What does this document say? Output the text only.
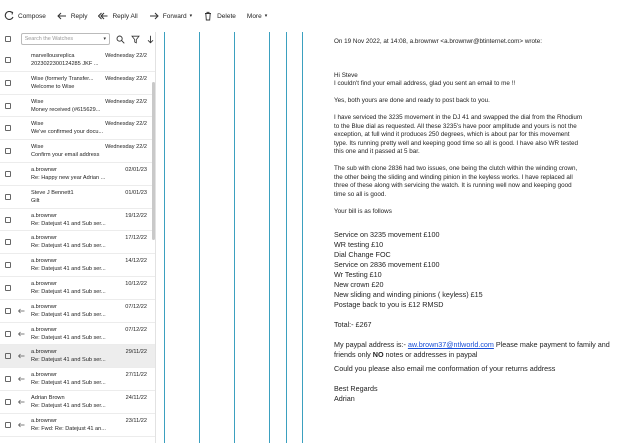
Compose	Reply	Reply All	Forward ▾	Delete More ▾
Search the Watches	▾
marvellousreplica	Wednesday 22/2
2023022300124285 JKF ...
Wise (formerly Transfer...	Wednesday 22/2
Welcome to Wise
Wise	Wednesday 22/2
Money received (#615629...
Wise	Wednesday 22/2
We've confirmed your docu...
Wise	Wednesday 22/2
Confirm your email address
a.brownwr	02/01/23
Re: Happy new year Adrian ...
Steve J Bennett1	01/01/23
Gilt
a.brownwr	19/12/22
Re: Datejust 41 and Sub ser...
a.brownwr	17/12/22
Re: Datejust 41 and Sub ser...
a.brownwr	14/12/22
Re: Datejust 41 and Sub ser...
a.brownwr	10/12/22
Re: Datejust 41 and Sub ser...
a.brownwr	07/12/22
Re: Datejust 41 and Sub ser...
a.brownwr	07/12/22
Re: Datejust 41 and Sub ser...
a.brownwr	29/11/22
Re: Datejust 41 and Sub ser...
a.brownwr	27/11/22
Re: Datejust 41 and Sub ser...
Adrian Brown	24/11/22
Re: Datejust 41 and Sub ser...
a.brownwr	23/11/22
Re: Fwd: Re: Datejust 41 an...

On 19 Nov 2022, at 14:08, a.brownwr <a.brownwr@btinternet.com> wrote:

Hi Steve

I couldn't find your email address, glad you sent an email to me !!

Yes, both yours are done and ready to post back to you.

I have serviced the 3235 movement in the DJ 41 and swapped the dial from the Rhodium

to the Blue dial as requested. All these 3235's have poor amplitude and yours is not the

exception, at full wind it produces 250 degrees, which is about par for this movement

type. Its running pretty well and keeping good time so all is good. I have also WR tested

this one and it passed at 5 bar.

The sub with clone 2836 had two issues, one being the clutch within the winding crown,

the other being the sliding and winding pinion in the keyless works. I have replaced all

three of these along with servicing the watch. It is running well now and keeping good

time so all is good.

Your bill is as follows

Service on 3235 movement £100

WR testing £10

Dial Change FOC

Service on 2836 movement £100

Wr Testing £10

New crown £20

New sliding and winding pinions ( keyless) £15

Postage back to you is £12 RMSD

Total:- £267

My paypal address is:- aw.brown37@ntlworld.com Please make payment to family and

friends only NO notes or addresses in paypal

Could you please also email me conformation of your returns address

Best Regards

Adrian
